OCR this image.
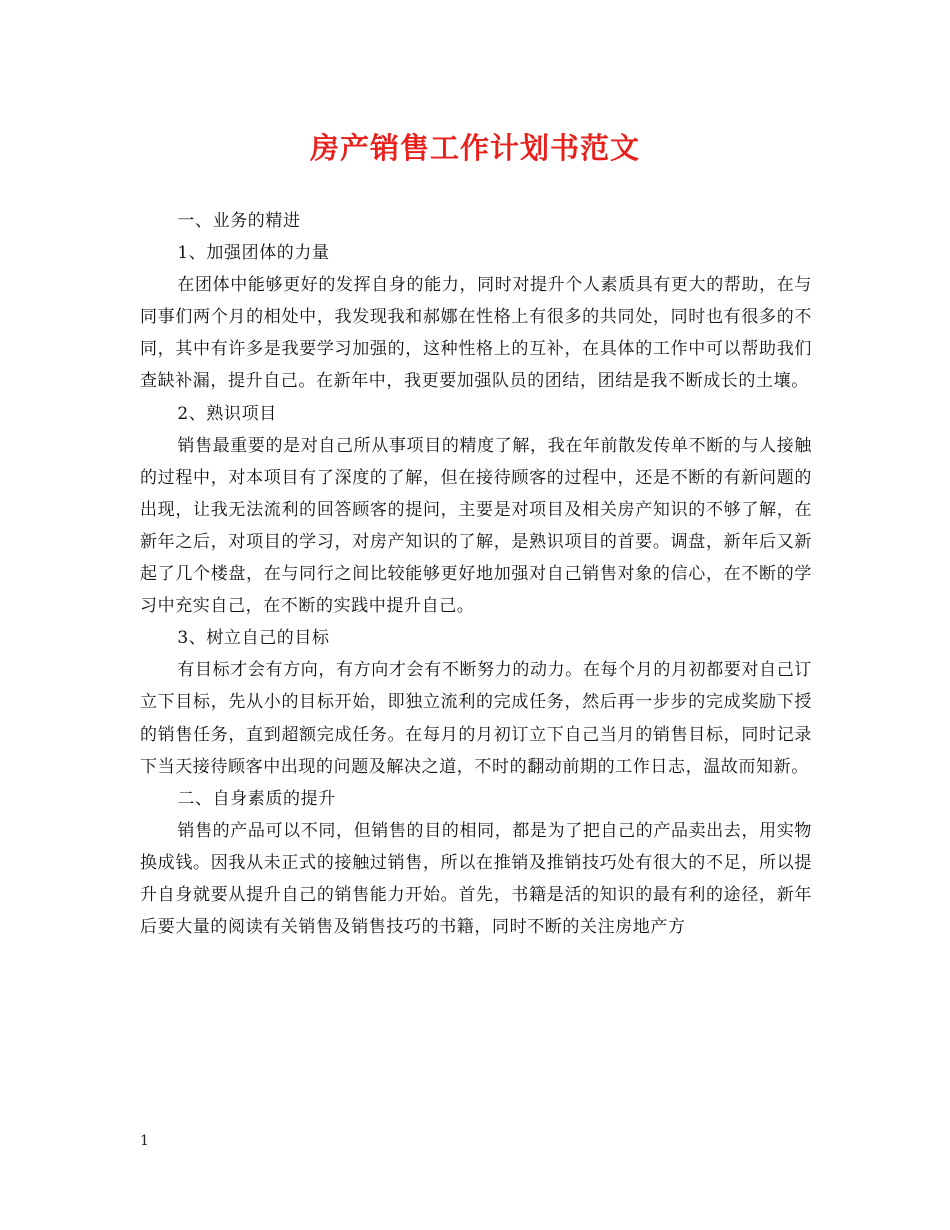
房产销售工作计划书范文

一、业务的精进

1、加强团体的力量

在团体中能够更好的发挥自身的能力，同时对提升个人素质具有更大的帮助，在与同事们两个月的相处中，我发现我和郝娜在性格上有很多的共同处，同时也有很多的不同，其中有许多是我要学习加强的，这种性格上的互补，在具体的工作中可以帮助我们查缺补漏，提升自己。在新年中，我更要加强队员的团结，团结是我不断成长的土壤。

2、熟识项目

销售最重要的是对自己所从事项目的精度了解，我在年前散发传单不断的与人接触的过程中，对本项目有了深度的了解，但在接待顾客的过程中，还是不断的有新问题的出现，让我无法流利的回答顾客的提问，主要是对项目及相关房产知识的不够了解，在新年之后，对项目的学习，对房产知识的了解，是熟识项目的首要。调盘，新年后又新起了几个楼盘，在与同行之间比较能够更好地加强对自己销售对象的信心，在不断的学习中充实自己，在不断的实践中提升自己。

3、树立自己的目标

有目标才会有方向，有方向才会有不断努力的动力。在每个月的月初都要对自己订立下目标，先从小的目标开始，即独立流利的完成任务，然后再一步步的完成奖励下授的销售任务，直到超额完成任务。在每月的月初订立下自己当月的销售目标，同时记录下当天接待顾客中出现的问题及解决之道，不时的翻动前期的工作日志，温故而知新。

二、自身素质的提升

销售的产品可以不同，但销售的目的相同，都是为了把自己的产品卖出去，用实物换成钱。因我从未正式的接触过销售，所以在推销及推销技巧处有很大的不足，所以提升自身就要从提升自己的销售能力开始。首先，书籍是活的知识的最有利的途径，新年后要大量的阅读有关销售及销售技巧的书籍，同时不断的关注房地产方

1
